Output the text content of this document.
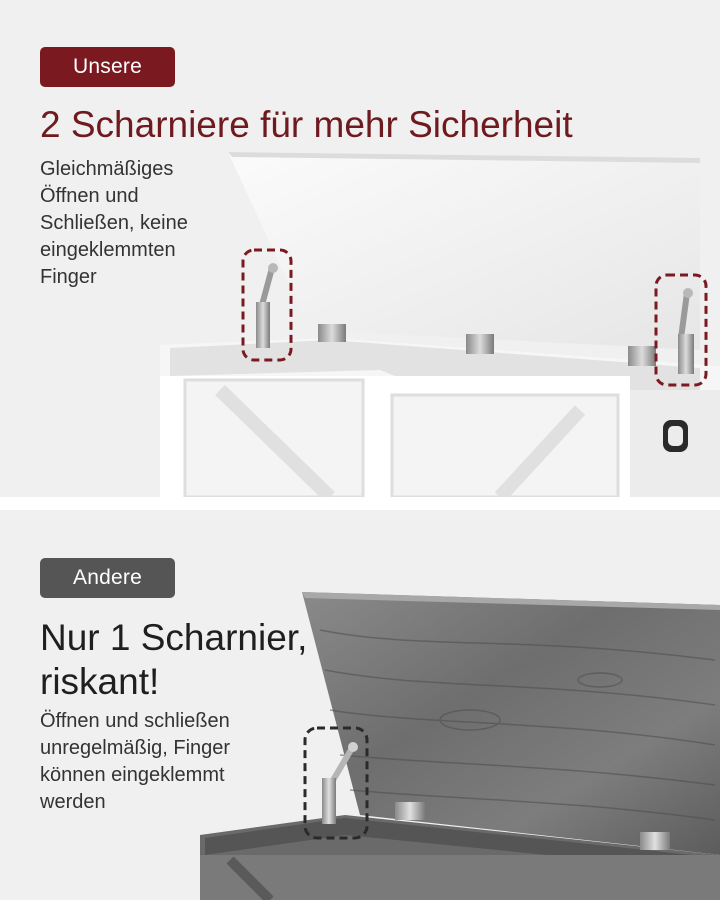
Unsere
2 Scharniere für mehr Sicherheit

Gleichmäßiges Öffnen und Schließen, keine eingeklemmten Finger

Andere
Nur 1 Scharnier, riskant!

Öffnen und schließen unregelmäßig, Finger können eingeklemmt werden
